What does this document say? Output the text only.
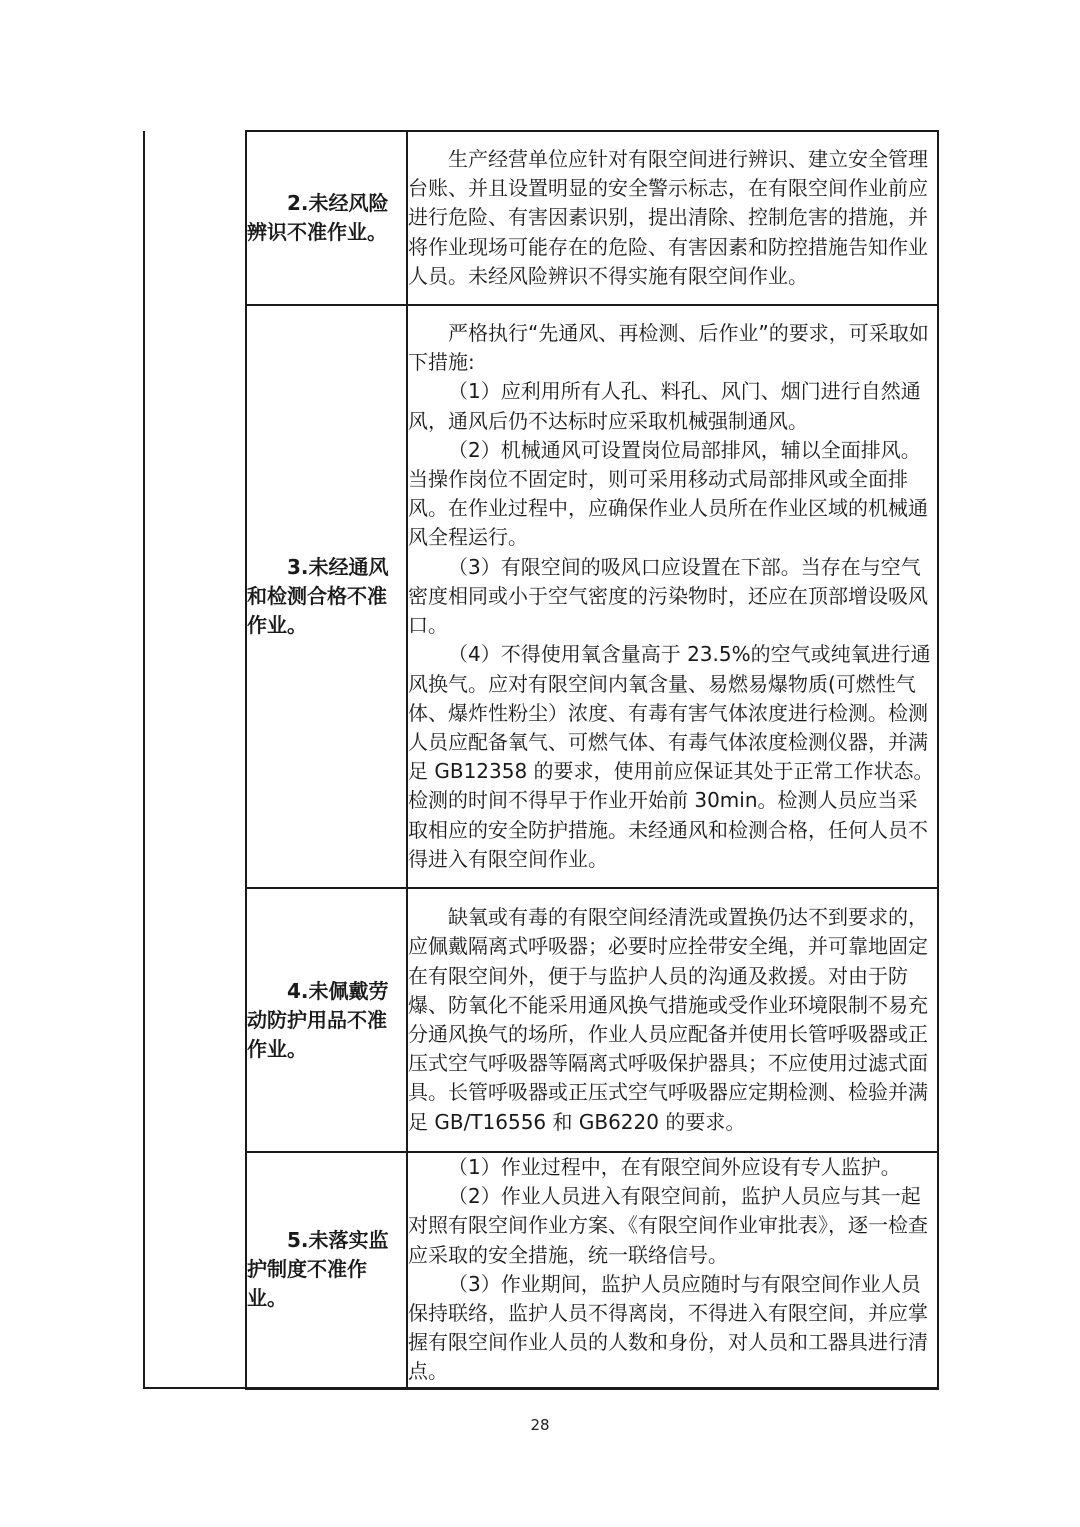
	2.未经风险辨识不准作业。	生产经营单位应针对有限空间进行辨识、建立安全管理台账、并且设置明显的安全警示标志，在有限空间作业前应进行危险、有害因素识别，提出清除、控制危害的措施，并将作业现场可能存在的危险、有害因素和防控措施告知作业人员。未经风险辨识不得实施有限空间作业。

	3.未经通风和检测合格不准作业。	严格执行“先通风、再检测、后作业”的要求，可采取如下措施:

（1）应利用所有人孔、料孔、风门、烟门进行自然通风，通风后仍不达标时应采取机械强制通风。

（2）机械通风可设置岗位局部排风，辅以全面排风。当操作岗位不固定时，则可采用移动式局部排风或全面排风。在作业过程中，应确保作业人员所在作业区域的机械通风全程运行。

（3）有限空间的吸风口应设置在下部。当存在与空气密度相同或小于空气密度的污染物时，还应在顶部增设吸风口。

（4）不得使用氧含量高于 23.5%的空气或纯氧进行通风换气。应对有限空间内氧含量、易燃易爆物质(可燃性气体、爆炸性粉尘）浓度、有毒有害气体浓度进行检测。检测人员应配备氧气、可燃气体、有毒气体浓度检测仪器，并满足 GB12358 的要求，使用前应保证其处于正常工作状态。检测的时间不得早于作业开始前 30min。检测人员应当采取相应的安全防护措施。未经通风和检测合格，任何人员不得进入有限空间作业。

	4.未佩戴劳动防护用品不准作业。	缺氧或有毒的有限空间经清洗或置换仍达不到要求的，应佩戴隔离式呼吸器；必要时应拴带安全绳，并可靠地固定在有限空间外，便于与监护人员的沟通及救援。对由于防爆、防氧化不能采用通风换气措施或受作业环境限制不易充分通风换气的场所，作业人员应配备并使用长管呼吸器或正压式空气呼吸器等隔离式呼吸保护器具；不应使用过滤式面具。长管呼吸器或正压式空气呼吸器应定期检测、检验并满足 GB/T16556 和 GB6220 的要求。

	5.未落实监护制度不准作业。	（1）作业过程中，在有限空间外应设有专人监护。

（2）作业人员进入有限空间前，监护人员应与其一起对照有限空间作业方案、《有限空间作业审批表》，逐一检查应采取的安全措施，统一联络信号。

（3）作业期间，监护人员应随时与有限空间作业人员保持联络，监护人员不得离岗，不得进入有限空间，并应掌握有限空间作业人员的人数和身份，对人员和工器具进行清点。

28
